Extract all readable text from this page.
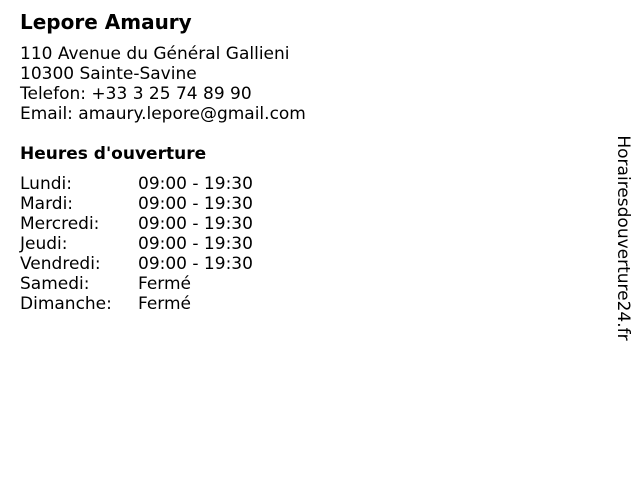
Lepore Amaury
110 Avenue du Général Gallieni
10300 Sainte-Savine
Telefon: +33 3 25 74 89 90
Email: amaury.lepore@gmail.com
Heures d'ouverture
Lundi:	09:00 - 19:30
Mardi:	09:00 - 19:30
Mercredi: 09:00 - 19:30
Jeudi:	09:00 - 19:30
Vendredi: 09:00 - 19:30
Samedi:	Fermé
Dimanche: Fermé	Horairesdouverture24.fr
